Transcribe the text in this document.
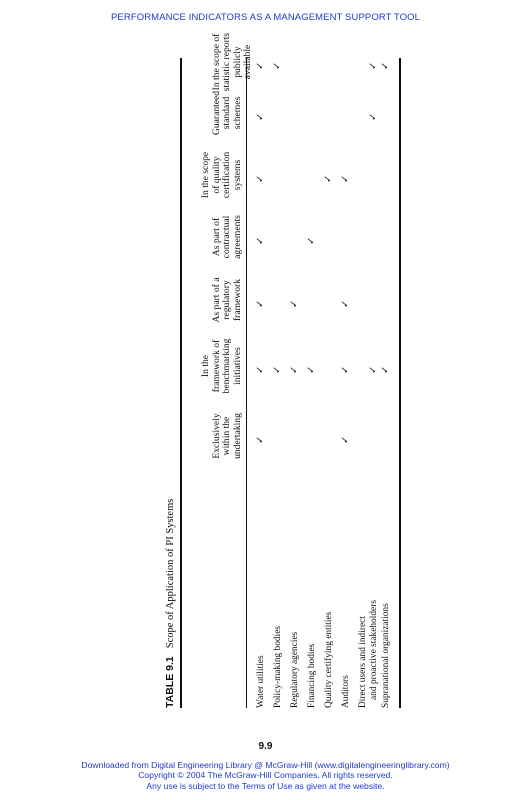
PERFORMANCE INDICATORS AS A MANAGEMENT SUPPORT TOOL
TABLE 9.1Scope of Application of PI Systems
Exclusively within the undertaking
In the framework of benchmarking initiatives
As part of a regulatory framework
As part of contractual agreements
In the scope of quality certification systems
Guaranteed standard schemes
In the scope of statistic reports publicly available
Water utilities
✓
✓
✓
✓
✓
✓
✓
Policy-making bodies
✓
✓
Regulatory agencies
✓
✓
Financing bodies
✓
✓
Quality certifying entities
✓
Auditors
✓
✓
✓
✓
Direct users and indirect and proactive stakeholders
✓
✓
✓
Supranational organizations
✓
✓
9.9
Downloaded from Digital Engineering Library @ McGraw-Hill (www.digitalengineeringlibrary.com)
Copyright © 2004 The McGraw-Hill Companies. All rights reserved.
Any use is subject to the Terms of Use as given at the website.
